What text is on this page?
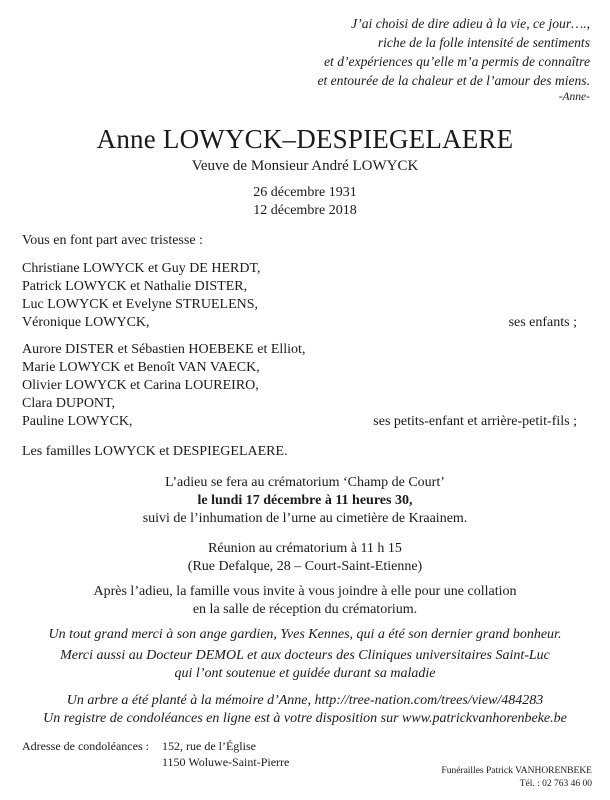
J’ai choisi de dire adieu à la vie, ce jour….,
riche de la folle intensité de sentiments
et d’expériences qu’elle m’a permis de connaître
et entourée de la chaleur et de l’amour des miens.
-Anne-
Anne LOWYCK–DESPIEGELAERE
Veuve de Monsieur André LOWYCK
26 décembre 1931
12 décembre 2018
Vous en font part avec tristesse :
Christiane LOWYCK et Guy DE HERDT,
Patrick LOWYCK et Nathalie DISTER,
Luc LOWYCK et Evelyne STRUELENS,
Véronique LOWYCK,	ses enfants ;
Aurore DISTER et Sébastien HOEBEKE et Elliot,
Marie LOWYCK et Benoît VAN VAECK,
Olivier LOWYCK et Carina LOUREIRO,
Clara DUPONT,
Pauline LOWYCK,	ses petits-enfant et arrière-petit-fils ;
Les familles LOWYCK et DESPIEGELAERE.
L’adieu se fera au crématorium ‘Champ de Court’
le lundi 17 décembre à 11 heures 30,
suivi de l’inhumation de l’urne au cimetière de Kraainem.
Réunion au crématorium à 11 h 15
(Rue Defalque, 28 – Court-Saint-Etienne)
Après l’adieu, la famille vous invite à vous joindre à elle pour une collation
en la salle de réception du crématorium.
Un tout grand merci à son ange gardien, Yves Kennes, qui a été son dernier grand bonheur.
Merci aussi au Docteur DEMOL et aux docteurs des Cliniques universitaires Saint-Luc
qui l’ont soutenue et guidée durant sa maladie
Un arbre a été planté à la mémoire d’Anne, http://tree-nation.com/trees/view/484283
Un registre de condoléances en ligne est à votre disposition sur www.patrickvanhorenbeke.be
Adresse de condoléances :	152, rue de l’Église
1150 Woluwe-Saint-Pierre
Funérailles Patrick VANHORENBEKE
Tél. : 02 763 46 00
